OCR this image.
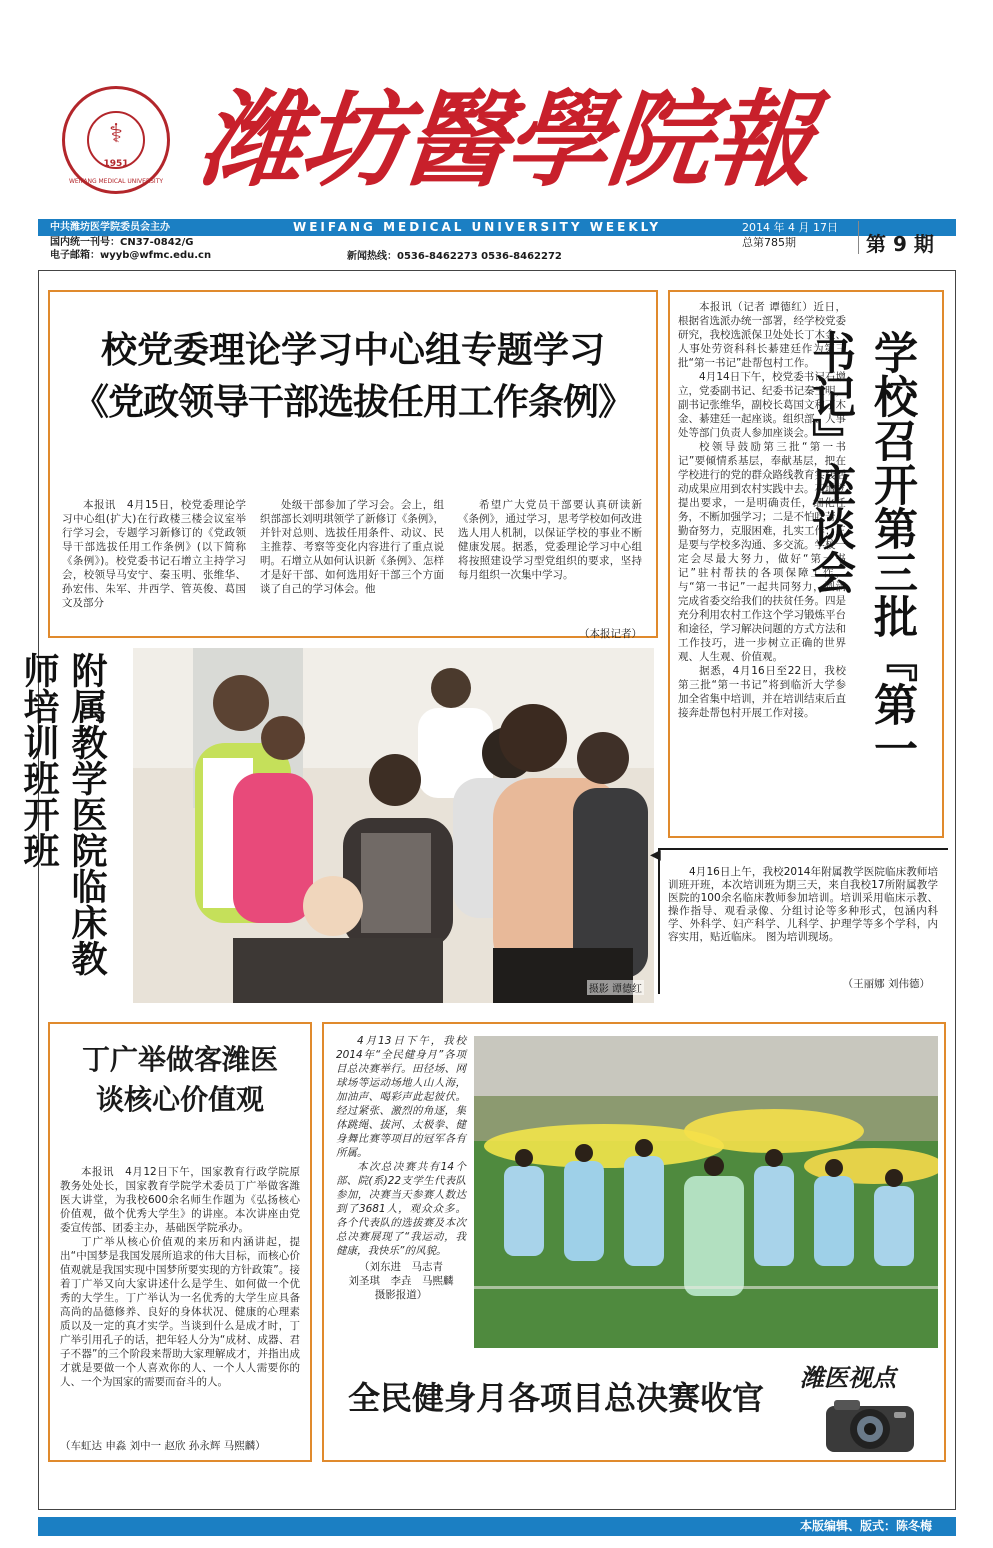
⚕
1951
WEIFANG MEDICAL UNIVERSITY 潍坊醫學院報
中共潍坊医学院委员会主办	WEIFANG MEDICAL UNIVERSITY WEEKLY	2014 年 4 月 17日
总第785期	第 9 期
国内统一刊号：CN37-0842/G
电子邮箱：wyyb@wfmc.edu.cn	新闻热线：0536-8462273 0536-8462272
校党委理论学习中心组专题学习
《党政领导干部选拔任用工作条例》
本报讯　4月15日，校党委理论学习中心组(扩大)在行政楼三楼会议室举行学习会，专题学习新修订的《党政领导干部选拔任用工作条例》(以下简称《条例》)。校党委书记石增立主持学习会，校领导马安宁、秦玉明、张维华、孙宏伟、朱军、井西学、管英俊、葛国文及部分
处级干部参加了学习会。会上，组织部部长刘明琪领学了新修订《条例》，并针对总则、选拔任用条件、动议、民主推荐、考察等变化内容进行了重点说明。石增立从如何认识新《条例》、怎样才是好干部、如何选用好干部三个方面谈了自己的学习体会。他
希望广大党员干部要认真研读新《条例》，通过学习，思考学校如何改进选人用人机制，以保证学校的事业不断健康发展。据悉，党委理论学习中心组将按照建设学习型党组织的要求，坚持每月组织一次集中学习。
（本报记者）

本报讯（记者 谭德红）近日，根据省选派办统一部署，经学校党委研究，我校选派保卫处处长丁木金、人事处劳资科科长綦建廷作为第三批“第一书记”赴帮包村工作。

4月14日下午，校党委书记石增立，党委副书记、纪委书记秦玉明，副书记张维华，副校长葛国文和丁木金、綦建廷一起座谈。组织部、人事处等部门负责人参加座谈会。

校领导鼓励第三批“第一书记”要倾情系基层，奉献基层，把在学校进行的党的群众路线教育实践活动成果应用到农村实践中去。石增立提出要求，一是明确责任，细化任务，不断加强学习；二是不怕吃苦，勤奋努力，克服困难，扎实工作；三是要与学校多沟通、多交流。学校一定会尽最大努力，做好“第一书记”驻村帮扶的各项保障工作，与“第一书记”一起共同努力，圆满完成省委交给我们的扶贫任务。四是充分利用农村工作这个学习锻炼平台和途径，学习解决问题的方式方法和工作技巧，进一步树立正确的世界观、人生观、价值观。

据悉，4月16日至22日，我校第三批“第一书记”将到临沂大学参加全省集中培训，并在培训结束后直接奔赴帮包村开展工作对接。	学校召开第三批『第一书记』座谈会
附属教学医院临床教师培训班开班
摄影 谭德红
◀
4月16日上午，我校2014年附属教学医院临床教师培训班开班，本次培训班为期三天，来自我校17所附属教学医院的100余名临床教师参加培训。培训采用临床示教、操作指导、观看录像、分组讨论等多种形式，包涵内科学、外科学、妇产科学、儿科学、护理学等多个学科，内容实用，贴近临床。 图为培训现场。
（王丽娜 刘伟德）
丁广举做客潍医
谈核心价值观

本报讯　4月12日下午，国家教育行政学院原教务处处长，国家教育学院学术委员丁广举做客潍医大讲堂，为我校600余名师生作题为《弘扬核心价值观，做个优秀大学生》的讲座。本次讲座由党委宣传部、团委主办，基础医学院承办。

丁广举从核心价值观的来历和内涵讲起，提出“中国梦是我国发展所追求的伟大目标，而核心价值观就是我国实现中国梦所要实现的方针政策”。接着丁广举又向大家讲述什么是学生、如何做一个优秀的大学生。丁广举认为一名优秀的大学生应具备高尚的品德修养、良好的身体状况、健康的心理素质以及一定的真才实学。当谈到什么是成才时，丁广举引用孔子的话，把年轻人分为“成材、成器、君子不器”的三个阶段来帮助大家理解成才，并指出成才就是要做一个人喜欢你的人、一个人人需要你的人、一个为国家的需要而奋斗的人。

（车虹达 申淼 刘中一 赵欣 孙永辉 马熙麟）

4月13日下午，我校2014年“全民健身月”各项目总决赛举行。田径场、网球场等运动场地人山人海，加油声、喝彩声此起彼伏。经过紧张、激烈的角逐，集体跳绳、拔河、太极拳、健身舞比赛等项目的冠军各有所属。

本次总决赛共有14个部、院(系)22支学生代表队参加，决赛当天参赛人数达到了3681人，观众众多。各个代表队的选拔赛及本次总决赛展现了“我运动，我健康，我快乐”的风貌。

（刘东进　马志青
刘圣琪　李垚　马熙麟
摄影报道）
全民健身月各项目总决赛收官
潍医视点
本版编辑、版式：陈冬梅
